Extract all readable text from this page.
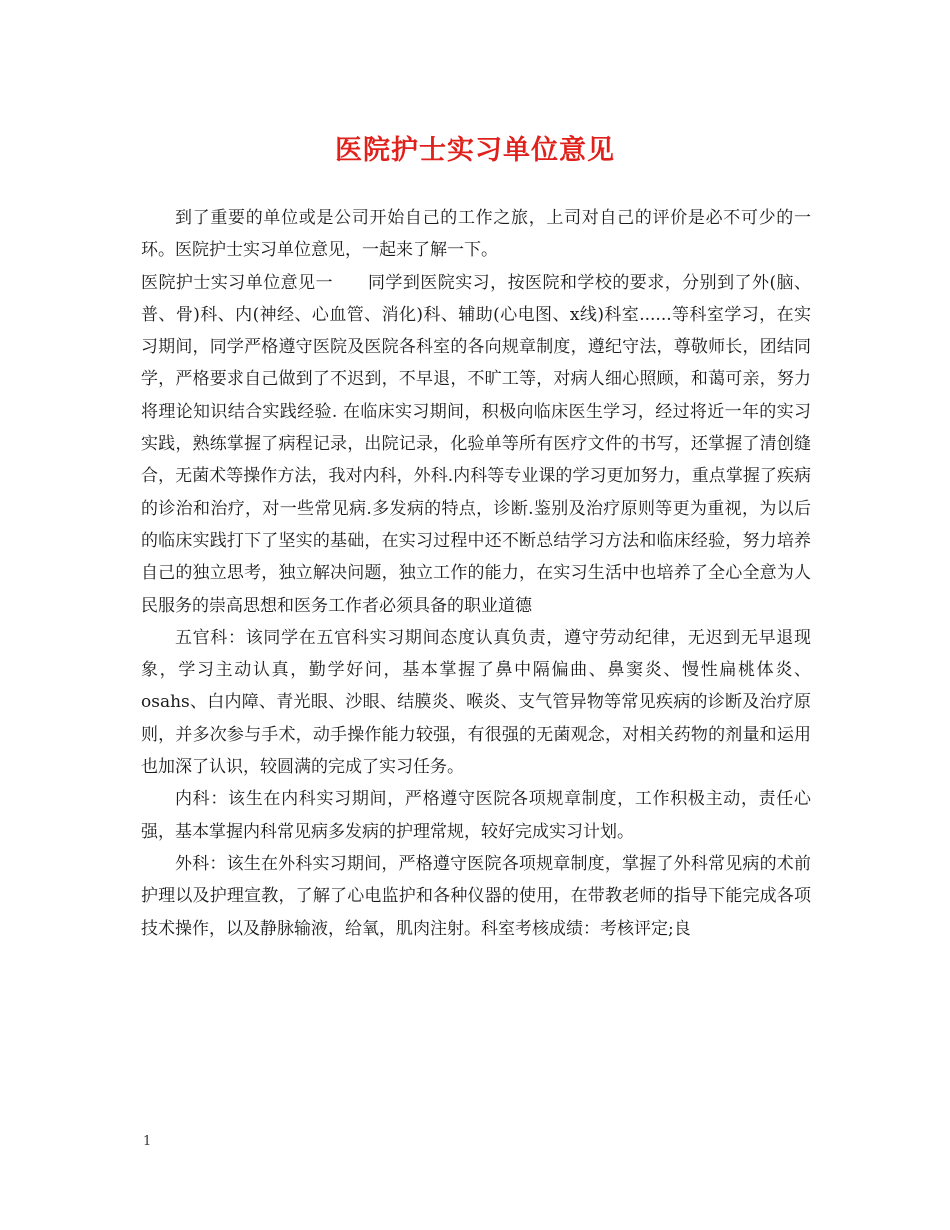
医院护士实习单位意见

到了重要的单位或是公司开始自己的工作之旅，上司对自己的评价是必不可少的一环。医院护士实习单位意见，一起来了解一下。

医院护士实习单位意见一　　同学到医院实习，按医院和学校的要求，分别到了外(脑、普、骨)科、内(神经、心血管、消化)科、辅助(心电图、x线)科室......等科室学习，在实习期间，同学严格遵守医院及医院各科室的各向规章制度，遵纪守法，尊敬师长，团结同学，严格要求自己做到了不迟到，不早退，不旷工等，对病人细心照顾，和蔼可亲，努力将理论知识结合实践经验. 在临床实习期间，积极向临床医生学习，经过将近一年的实习实践，熟练掌握了病程记录，出院记录，化验单等所有医疗文件的书写，还掌握了清创缝合，无菌术等操作方法，我对内科，外科.内科等专业课的学习更加努力，重点掌握了疾病的诊治和治疗，对一些常见病.多发病的特点，诊断.鉴别及治疗原则等更为重视，为以后的临床实践打下了坚实的基础，在实习过程中还不断总结学习方法和临床经验，努力培养自己的独立思考，独立解决问题，独立工作的能力，在实习生活中也培养了全心全意为人民服务的崇高思想和医务工作者必须具备的职业道德

五官科：该同学在五官科实习期间态度认真负责，遵守劳动纪律，无迟到无早退现象，学习主动认真，勤学好问，基本掌握了鼻中隔偏曲、鼻窦炎、慢性扁桃体炎、osahs、白内障、青光眼、沙眼、结膜炎、喉炎、支气管异物等常见疾病的诊断及治疗原则，并多次参与手术，动手操作能力较强，有很强的无菌观念，对相关药物的剂量和运用也加深了认识，较圆满的完成了实习任务。

内科：该生在内科实习期间，严格遵守医院各项规章制度，工作积极主动，责任心强，基本掌握内科常见病多发病的护理常规，较好完成实习计划。

外科：该生在外科实习期间，严格遵守医院各项规章制度，掌握了外科常见病的术前护理以及护理宣教，了解了心电监护和各种仪器的使用，在带教老师的指导下能完成各项技术操作，以及静脉输液，给氧，肌肉注射。科室考核成绩：考核评定;良

1
